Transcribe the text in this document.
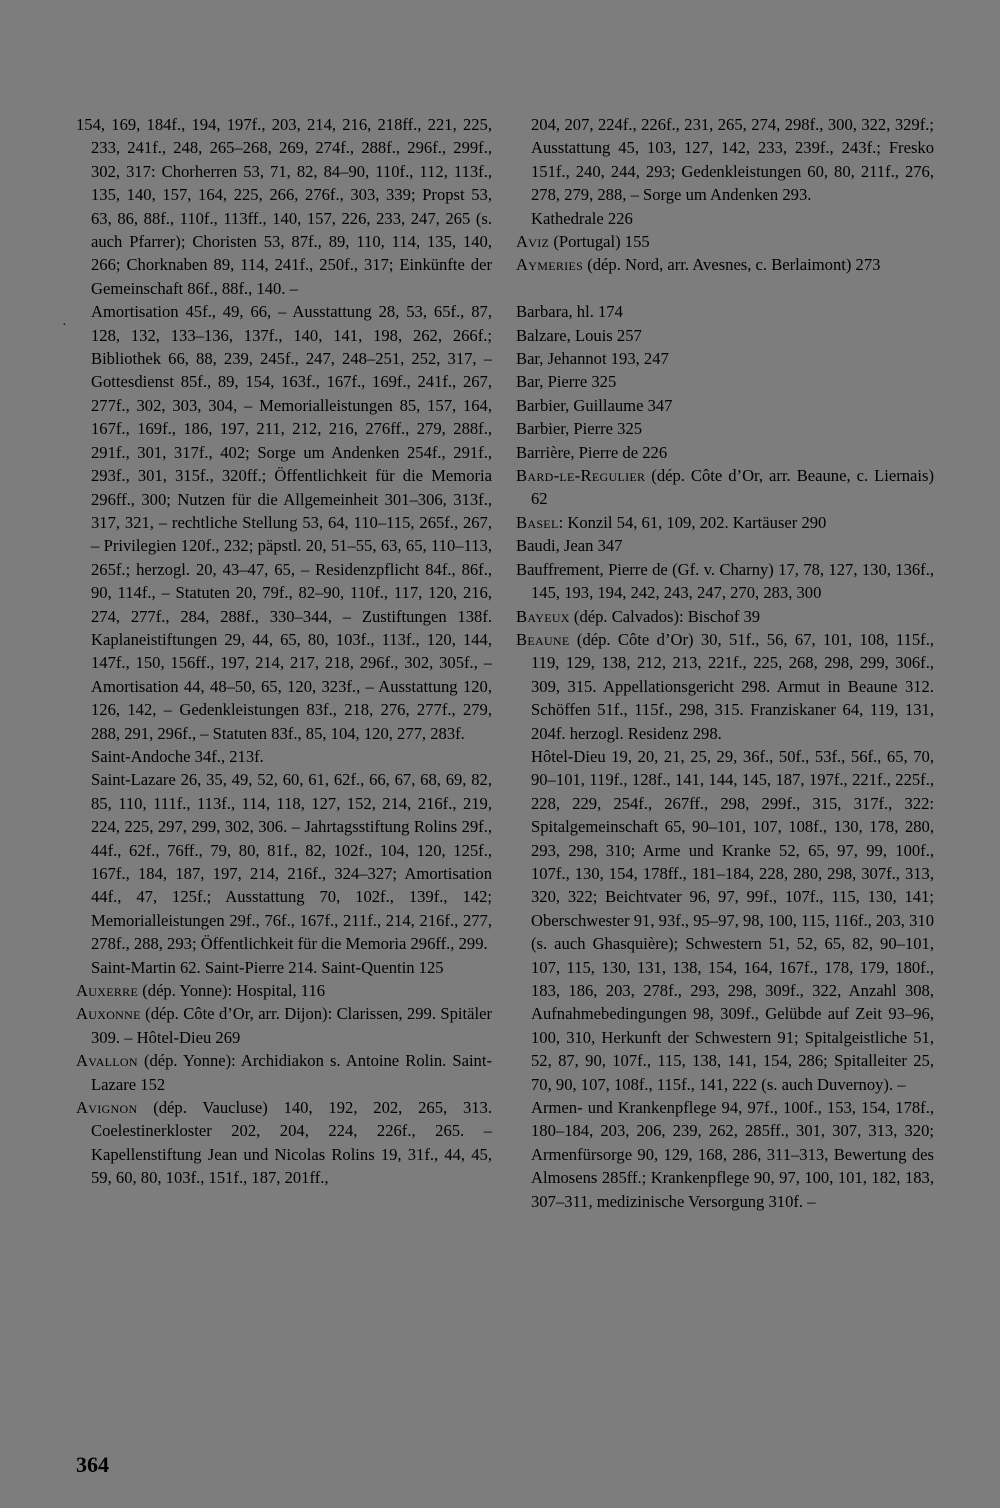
·

154, 169, 184f., 194, 197f., 203, 214, 216, 218ff., 221, 225, 233, 241f., 248, 265–268, 269, 274f., 288f., 296f., 299f., 302, 317: Chorherren 53, 71, 82, 84–90, 110f., 112, 113f., 135, 140, 157, 164, 225, 266, 276f., 303, 339; Propst 53, 63, 86, 88f., 110f., 113ff., 140, 157, 226, 233, 247, 265 (s. auch Pfarrer); Choristen 53, 87f., 89, 110, 114, 135, 140, 266; Chorknaben 89, 114, 241f., 250f., 317; Einkünfte der Gemeinschaft 86f., 88f., 140. –

Amortisation 45f., 49, 66, – Ausstattung 28, 53, 65f., 87, 128, 132, 133–136, 137f., 140, 141, 198, 262, 266f.; Bibliothek 66, 88, 239, 245f., 247, 248–251, 252, 317, – Gottesdienst 85f., 89, 154, 163f., 167f., 169f., 241f., 267, 277f., 302, 303, 304, – Memorialleistungen 85, 157, 164, 167f., 169f., 186, 197, 211, 212, 216, 276ff., 279, 288f., 291f., 301, 317f., 402; Sorge um Andenken 254f., 291f., 293f., 301, 315f., 320ff.; Öffentlichkeit für die Memoria 296ff., 300; Nutzen für die Allgemeinheit 301–306, 313f., 317, 321, – rechtliche Stellung 53, 64, 110–115, 265f., 267, – Privilegien 120f., 232; päpstl. 20, 51–55, 63, 65, 110–113, 265f.; herzogl. 20, 43–47, 65, – Residenzpflicht 84f., 86f., 90, 114f., – Statuten 20, 79f., 82–90, 110f., 117, 120, 216, 274, 277f., 284, 288f., 330–344, – Zustiftungen 138f. Kaplaneistiftungen 29, 44, 65, 80, 103f., 113f., 120, 144, 147f., 150, 156ff., 197, 214, 217, 218, 296f., 302, 305f., – Amortisation 44, 48–50, 65, 120, 323f., – Ausstattung 120, 126, 142, – Gedenkleistungen 83f., 218, 276, 277f., 279, 288, 291, 296f., – Statuten 83f., 85, 104, 120, 277, 283f.

Saint-Andoche 34f., 213f.

Saint-Lazare 26, 35, 49, 52, 60, 61, 62f., 66, 67, 68, 69, 82, 85, 110, 111f., 113f., 114, 118, 127, 152, 214, 216f., 219, 224, 225, 297, 299, 302, 306. – Jahrtagsstiftung Rolins 29f., 44f., 62f., 76ff., 79, 80, 81f., 82, 102f., 104, 120, 125f., 167f., 184, 187, 197, 214, 216f., 324–327; Amortisation 44f., 47, 125f.; Ausstattung 70, 102f., 139f., 142; Memorialleistungen 29f., 76f., 167f., 211f., 214, 216f., 277, 278f., 288, 293; Öffentlichkeit für die Memoria 296ff., 299.

Saint-Martin 62. Saint-Pierre 214. Saint-Quentin 125

Auxerre (dép. Yonne): Hospital, 116

Auxonne (dép. Côte d’Or, arr. Dijon): Clarissen, 299. Spitäler 309. – Hôtel-Dieu 269

Avallon (dép. Yonne): Archidiakon s. Antoine Rolin. Saint-Lazare 152

Avignon (dép. Vaucluse) 140, 192, 202, 265, 313. Coelestinerkloster 202, 204, 224, 226f., 265. – Kapellenstiftung Jean und Nicolas Rolins 19, 31f., 44, 45, 59, 60, 80, 103f., 151f., 187, 201ff.,

204, 207, 224f., 226f., 231, 265, 274, 298f., 300, 322, 329f.; Ausstattung 45, 103, 127, 142, 233, 239f., 243f.; Fresko 151f., 240, 244, 293; Gedenkleistungen 60, 80, 211f., 276, 278, 279, 288, – Sorge um Andenken 293.

Kathedrale 226

Aviz (Portugal) 155

Aymeries (dép. Nord, arr. Avesnes, c. Berlaimont) 273

Barbara, hl. 174

Balzare, Louis 257

Bar, Jehannot 193, 247

Bar, Pierre 325

Barbier, Guillaume 347

Barbier, Pierre 325

Barrière, Pierre de 226

Bard-le-Regulier (dép. Côte d’Or, arr. Beaune, c. Liernais) 62

Basel: Konzil 54, 61, 109, 202. Kartäuser 290

Baudi, Jean 347

Bauffrement, Pierre de (Gf. v. Charny) 17, 78, 127, 130, 136f., 145, 193, 194, 242, 243, 247, 270, 283, 300

Bayeux (dép. Calvados): Bischof 39

Beaune (dép. Côte d’Or) 30, 51f., 56, 67, 101, 108, 115f., 119, 129, 138, 212, 213, 221f., 225, 268, 298, 299, 306f., 309, 315. Appellationsgericht 298. Armut in Beaune 312. Schöffen 51f., 115f., 298, 315. Franziskaner 64, 119, 131, 204f. herzogl. Residenz 298.

Hôtel-Dieu 19, 20, 21, 25, 29, 36f., 50f., 53f., 56f., 65, 70, 90–101, 119f., 128f., 141, 144, 145, 187, 197f., 221f., 225f., 228, 229, 254f., 267ff., 298, 299f., 315, 317f., 322: Spitalgemeinschaft 65, 90–101, 107, 108f., 130, 178, 280, 293, 298, 310; Arme und Kranke 52, 65, 97, 99, 100f., 107f., 130, 154, 178ff., 181–184, 228, 280, 298, 307f., 313, 320, 322; Beichtvater 96, 97, 99f., 107f., 115, 130, 141; Oberschwester 91, 93f., 95–97, 98, 100, 115, 116f., 203, 310 (s. auch Ghasquière); Schwestern 51, 52, 65, 82, 90–101, 107, 115, 130, 131, 138, 154, 164, 167f., 178, 179, 180f., 183, 186, 203, 278f., 293, 298, 309f., 322, Anzahl 308, Aufnahmebedingungen 98, 309f., Gelübde auf Zeit 93–96, 100, 310, Herkunft der Schwestern 91; Spitalgeistliche 51, 52, 87, 90, 107f., 115, 138, 141, 154, 286; Spitalleiter 25, 70, 90, 107, 108f., 115f., 141, 222 (s. auch Duvernoy). –

Armen- und Krankenpflege 94, 97f., 100f., 153, 154, 178f., 180–184, 203, 206, 239, 262, 285ff., 301, 307, 313, 320; Armenfürsorge 90, 129, 168, 286, 311–313, Bewertung des Almosens 285ff.; Krankenpflege 90, 97, 100, 101, 182, 183, 307–311, medizinische Versorgung 310f. –

364
